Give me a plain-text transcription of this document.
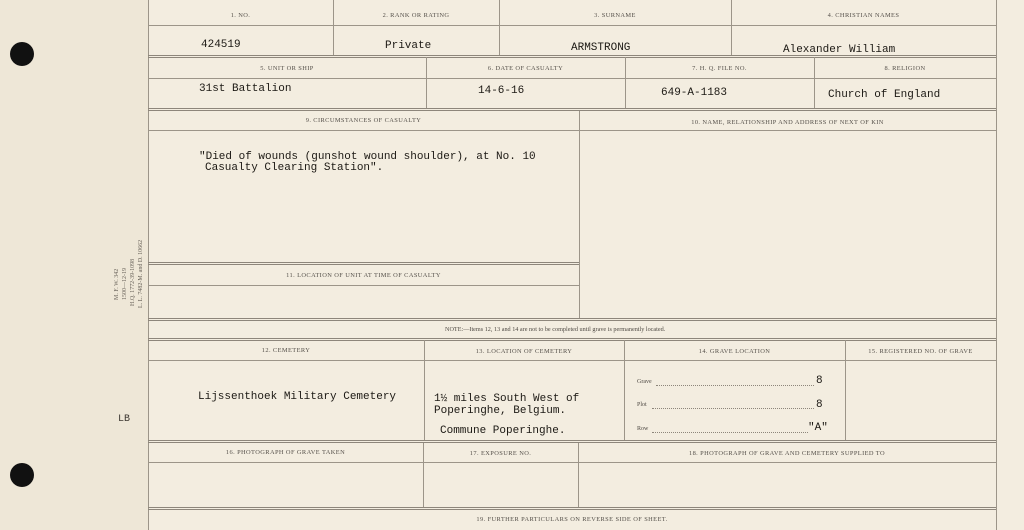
M. F. W. 342 1500—12-19 H.Q. 1772-39-1098 L. L. 7482-M. and D. 10662
LB
1. NO.	2. RANK OR RATING	3. SURNAME	4. CHRISTIAN NAMES
424519	Private	ARMSTRONG	Alexander William
5. UNIT OR SHIP	6. DATE OF CASUALTY	7. H. Q. FILE NO.	8. RELIGION
31st Battalion	14-6-16	649-A-1183	Church of England
9. CIRCUMSTANCES OF CASUALTY	10. NAME, RELATIONSHIP AND ADDRESS OF NEXT OF KIN
"Died of wounds (gunshot wound shoulder), at No. 10
Casualty Clearing Station".
11. LOCATION OF UNIT AT TIME OF CASUALTY
NOTE:—Items 12, 13 and 14 are not to be completed until grave is permanently located.
12. CEMETERY	13. LOCATION OF CEMETERY	14. GRAVE LOCATION	15. REGISTERED NO. OF GRAVE
Lijssenthoek Military Cemetery	1½ miles South West of
Poperinghe, Belgium.
Commune Poperinghe.
Grave	8
Plot	8
Row	"A"
16. PHOTOGRAPH OF GRAVE TAKEN	17. EXPOSURE NO.	18. PHOTOGRAPH OF GRAVE AND CEMETERY SUPPLIED TO
19. FURTHER PARTICULARS ON REVERSE SIDE OF SHEET.
